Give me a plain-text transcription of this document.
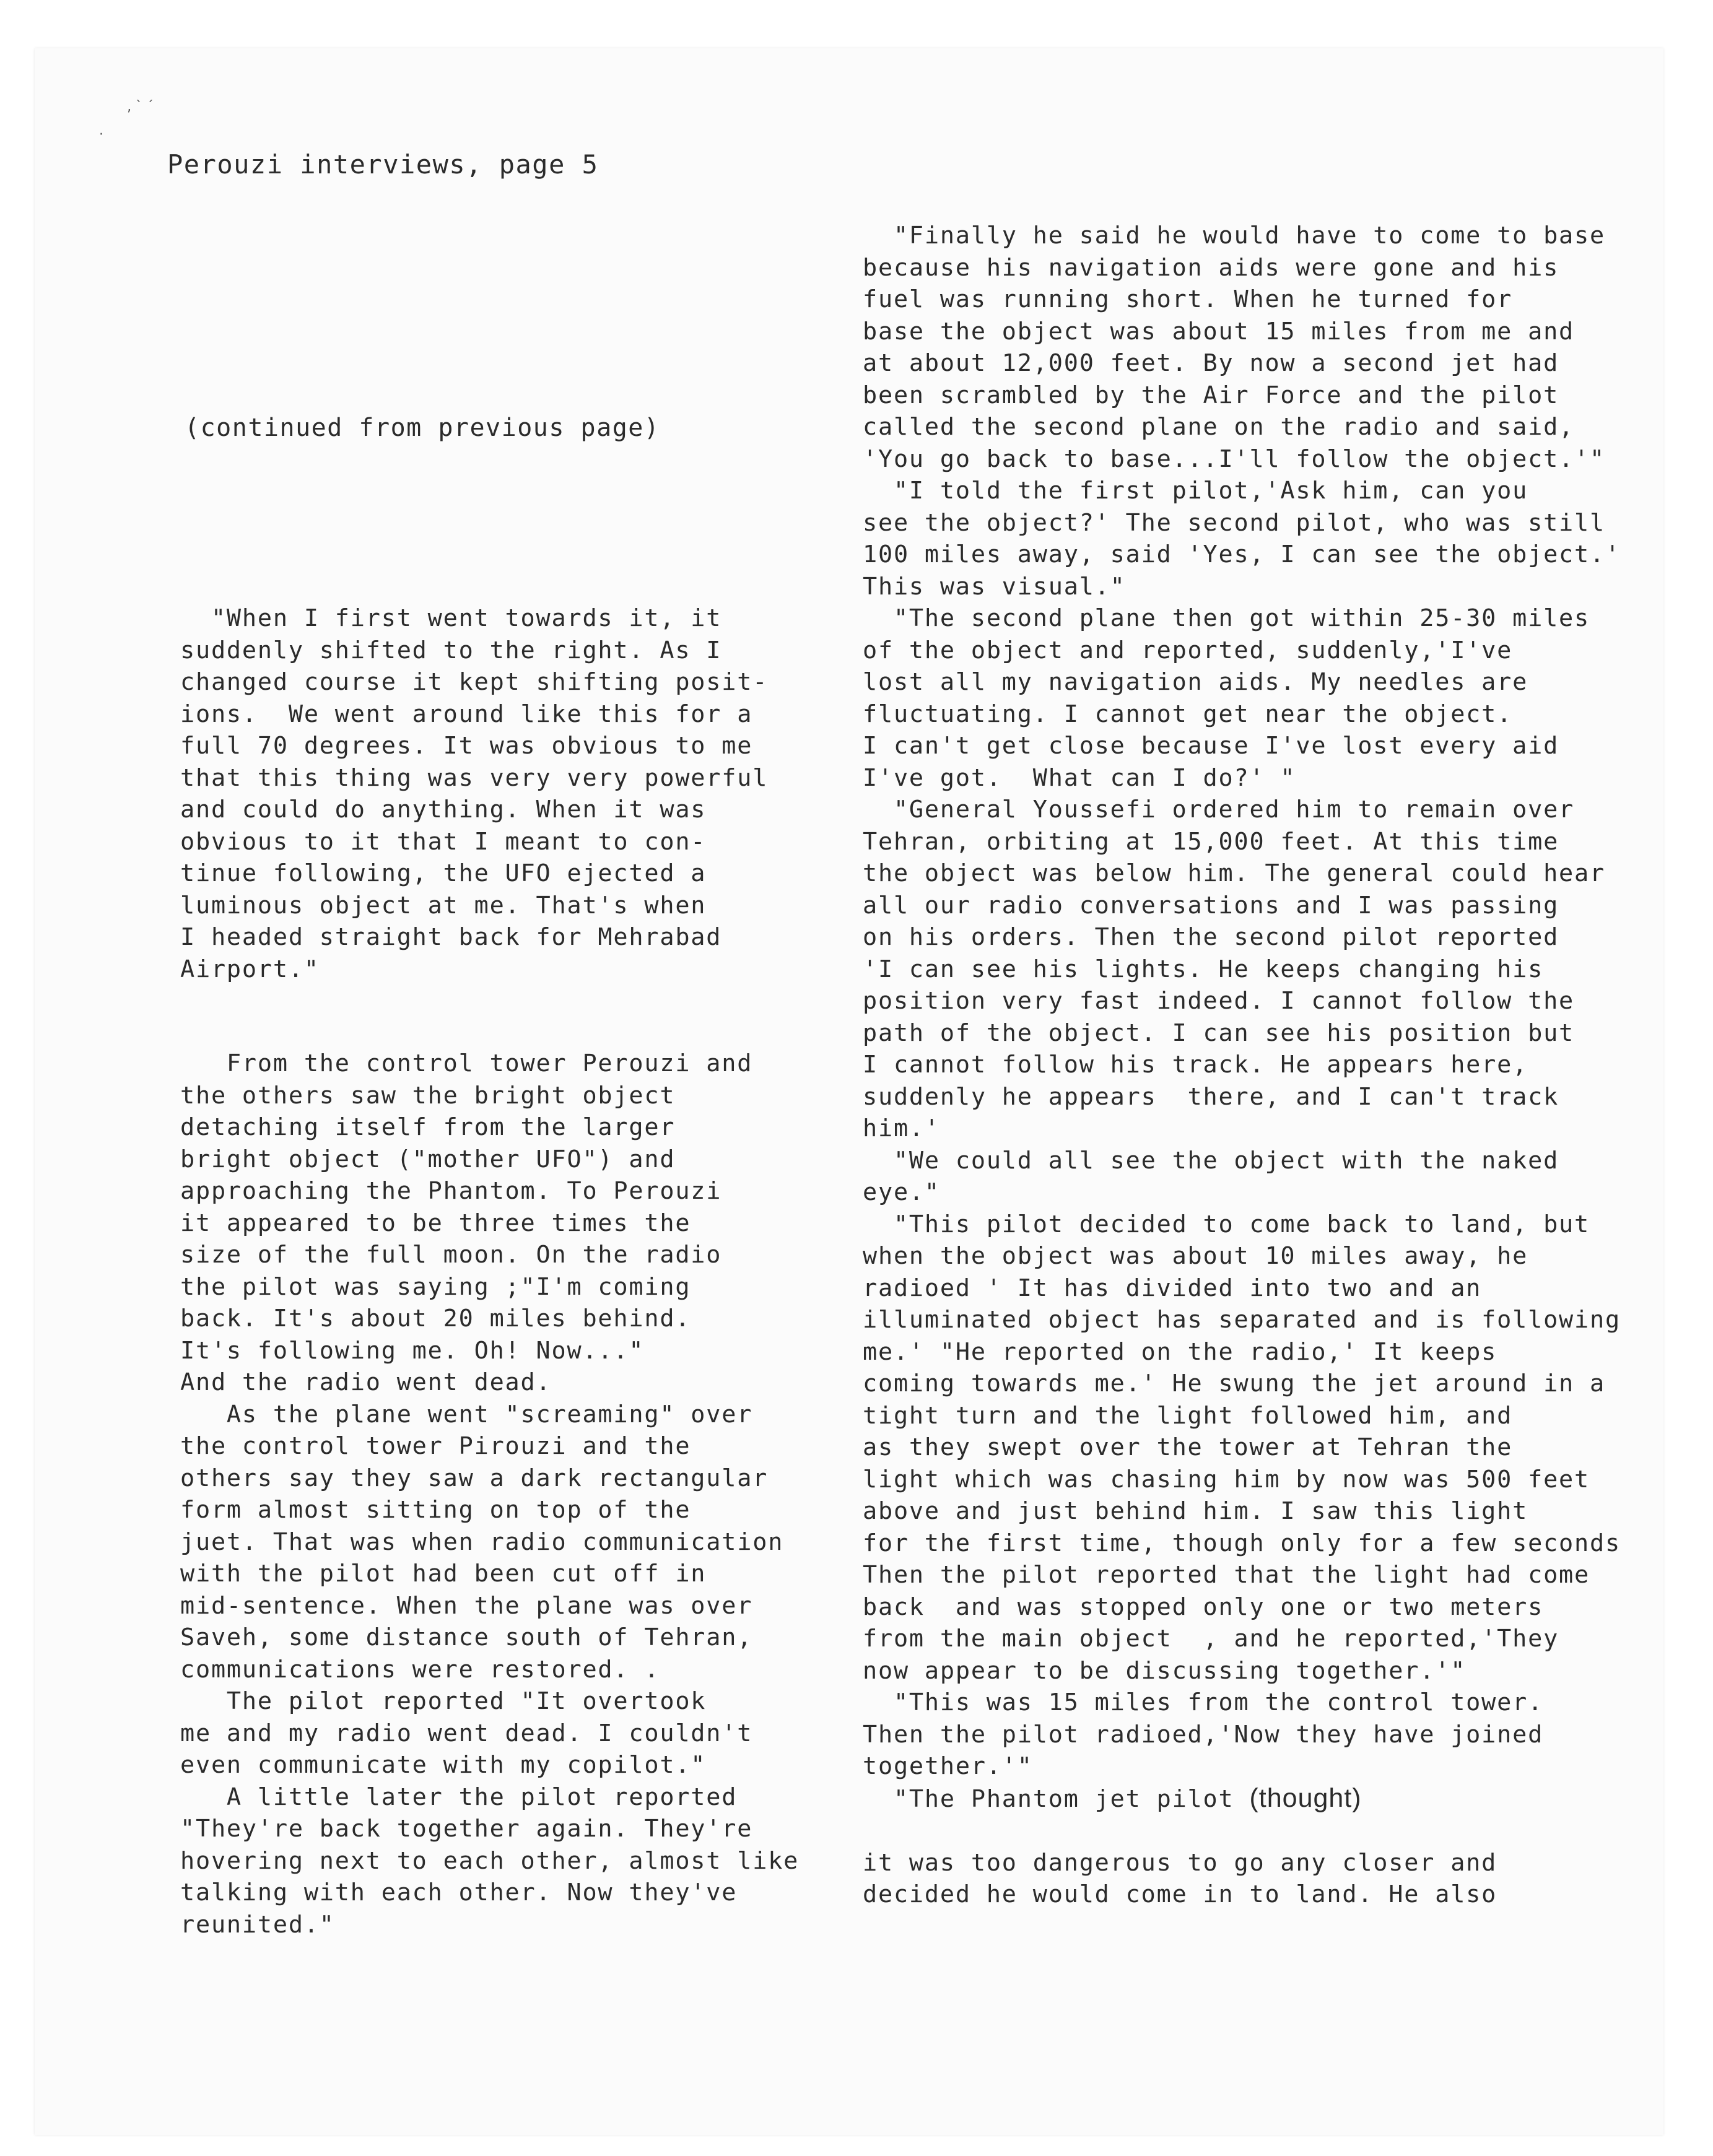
‚ ` ´
·
Perouzi interviews, page 5
(continued from previous page)
"When I first went towards it, it
suddenly shifted to the right. As I
changed course it kept shifting posit-
ions.  We went around like this for a
full 70 degrees. It was obvious to me
that this thing was very very powerful
and could do anything. When it was
obvious to it that I meant to con-
tinue following, the UFO ejected a
luminous object at me. That's when
I headed straight back for Mehrabad
Airport."
From the control tower Perouzi and
the others saw the bright object
detaching itself from the larger
bright object ("mother UFO") and
approaching the Phantom. To Perouzi
it appeared to be three times the
size of the full moon. On the radio
the pilot was saying ;"I'm coming
back. It's about 20 miles behind.
It's following me. Oh! Now..."
And the radio went dead.
As the plane went "screaming" over
the control tower Pirouzi and the
others say they saw a dark rectangular
form almost sitting on top of the
juet. That was when radio communication
with the pilot had been cut off in
mid-sentence. When the plane was over
Saveh, some distance south of Tehran,
communications were restored. .
The pilot reported "It overtook
me and my radio went dead. I couldn't
even communicate with my copilot."
A little later the pilot reported
"They're back together again. They're
hovering next to each other, almost like
talking with each other. Now they've
reunited."
"Finally he said he would have to come to base
because his navigation aids were gone and his
fuel was running short. When he turned for
base the object was about 15 miles from me and
at about 12,000 feet. By now a second jet had
been scrambled by the Air Force and the pilot
called the second plane on the radio and said,
'You go back to base...I'll follow the object.'"
"I told the first pilot,'Ask him, can you
see the object?' The second pilot, who was still
100 miles away, said 'Yes, I can see the object.'
This was visual."
"The second plane then got within 25-30 miles
of the object and reported, suddenly,'I've
lost all my navigation aids. My needles are
fluctuating. I cannot get near the object.
I can't get close because I've lost every aid
I've got.  What can I do?' "
"General Youssefi ordered him to remain over
Tehran, orbiting at 15,000 feet. At this time
the object was below him. The general could hear
all our radio conversations and I was passing
on his orders. Then the second pilot reported
'I can see his lights. He keeps changing his
position very fast indeed. I cannot follow the
path of the object. I can see his position but
I cannot follow his track. He appears here,
suddenly he appears  there, and I can't track
him.'
"We could all see the object with the naked
eye."
"This pilot decided to come back to land, but
when the object was about 10 miles away, he
radioed ' It has divided into two and an
illuminated object has separated and is following
me.' "He reported on the radio,' It keeps
coming towards me.' He swung the jet around in a
tight turn and the light followed him, and
as they swept over the tower at Tehran the
light which was chasing him by now was 500 feet
above and just behind him. I saw this light
for the first time, though only for a few seconds
Then the pilot reported that the light had come
back  and was stopped only one or two meters
from the main object  , and he reported,'They
now appear to be discussing together.'"
"This was 15 miles from the control tower.
Then the pilot radioed,'Now they have joined
together.'"
"The Phantom jet pilot (thought)

it was too dangerous to go any closer and
decided he would come in to land. He also
